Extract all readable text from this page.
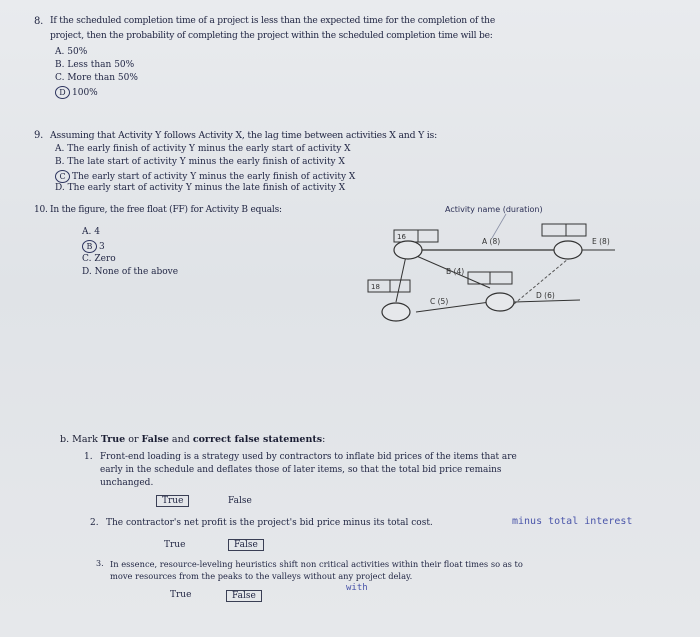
8. If the scheduled completion time of a project is less than the expected time for the completion of the
project, then the probability of completing the project within the scheduled completion time will be:
A. 50%
B. Less than 50%
C. More than 50%
D 100%
9. Assuming that Activity Y follows Activity X, the lag time between activities X and Y is:
A. The early finish of activity Y minus the early start of activity X
B. The late start of activity Y minus the early finish of activity X
C The early start of activity Y minus the early finish of activity X
D. The early start of activity Y minus the late finish of activity X
10. In the figure, the free float (FF) for Activity B equals:
A. 4
B 3
C. Zero
D. None of the above
Activity name (duration)
16
18
A (8)
B (4)
C (5)
D (6)
E (8)
b. Mark True or False and correct false statements:
1. Front-end loading is a strategy used by contractors to inflate bid prices of the items that are
early in the schedule and deflates those of later items, so that the total bid price remains
unchanged.
True	False
2. The contractor's net profit is the project's bid price minus its total cost.	minus total interest
True	False
3. In essence, resource-leveling heuristics shift non critical activities within their float times so as to
move resources from the peaks to the valleys without any project delay.
with
True	False
